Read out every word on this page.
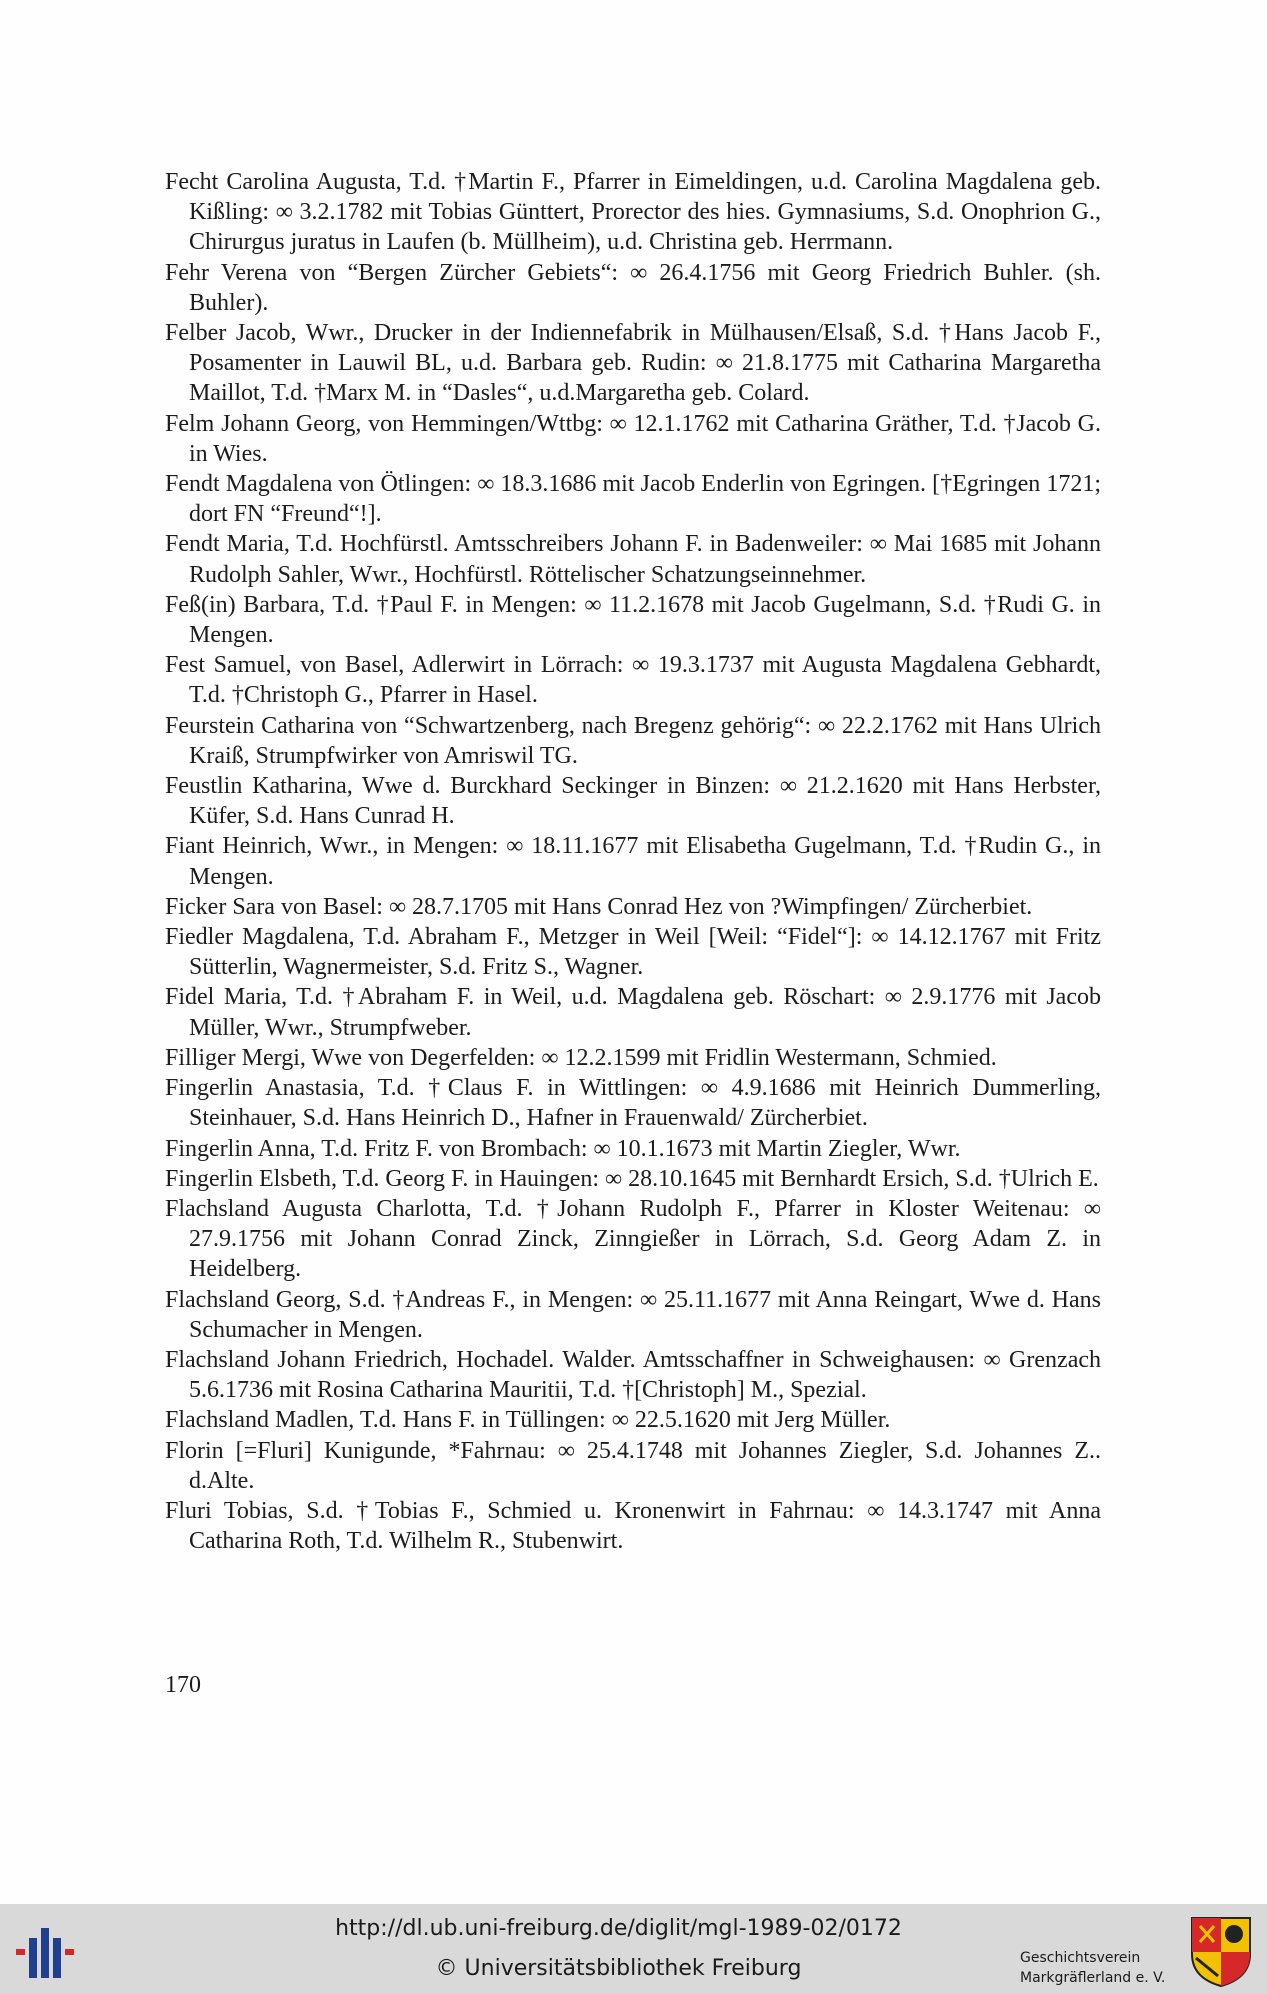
Fecht Carolina Augusta, T.d. †Martin F., Pfarrer in Eimeldingen, u.d. Carolina Magdalena geb. Kißling: ∞ 3.2.1782 mit Tobias Günttert, Prorector des hies. Gymnasiums, S.d. Onophrion G., Chirurgus juratus in Laufen (b. Müllheim), u.d. Christina geb. Herrmann.

Fehr Verena von “Bergen Zürcher Gebiets“: ∞ 26.4.1756 mit Georg Friedrich Buhler. (sh. Buhler).

Felber Jacob, Wwr., Drucker in der Indiennefabrik in Mülhausen/Elsaß, S.d. †Hans Jacob F., Posamenter in Lauwil BL, u.d. Barbara geb. Rudin: ∞ 21.8.1775 mit Catharina Margaretha Maillot, T.d. †Marx M. in “Dasles“, u.d.Margaretha geb. Colard.

Felm Johann Georg, von Hemmingen/Wttbg: ∞ 12.1.1762 mit Catharina Gräther, T.d. †Jacob G. in Wies.

Fendt Magdalena von Ötlingen: ∞ 18.3.1686 mit Jacob Enderlin von Egringen. [†Egringen 1721; dort FN “Freund“!].

Fendt Maria, T.d. Hochfürstl. Amtsschreibers Johann F. in Badenweiler: ∞ Mai 1685 mit Johann Rudolph Sahler, Wwr., Hochfürstl. Röttelischer Schatzungseinnehmer.

Feß(in) Barbara, T.d. †Paul F. in Mengen: ∞ 11.2.1678 mit Jacob Gugelmann, S.d. †Rudi G. in Mengen.

Fest Samuel, von Basel, Adlerwirt in Lörrach: ∞ 19.3.1737 mit Augusta Magdalena Gebhardt, T.d. †Christoph G., Pfarrer in Hasel.

Feurstein Catharina von “Schwartzenberg, nach Bregenz gehörig“: ∞ 22.2.1762 mit Hans Ulrich Kraiß, Strumpfwirker von Amriswil TG.

Feustlin Katharina, Wwe d. Burckhard Seckinger in Binzen: ∞ 21.2.1620 mit Hans Herbster, Küfer, S.d. Hans Cunrad H.

Fiant Heinrich, Wwr., in Mengen: ∞ 18.11.1677 mit Elisabetha Gugelmann, T.d. †Rudin G., in Mengen.

Ficker Sara von Basel: ∞ 28.7.1705 mit Hans Conrad Hez von ?Wimpfingen/ Zürcherbiet.

Fiedler Magdalena, T.d. Abraham F., Metzger in Weil [Weil: “Fidel“]: ∞ 14.12.1767 mit Fritz Sütterlin, Wagnermeister, S.d. Fritz S., Wagner.

Fidel Maria, T.d. †Abraham F. in Weil, u.d. Magdalena geb. Röschart: ∞ 2.9.1776 mit Jacob Müller, Wwr., Strumpfweber.

Filliger Mergi, Wwe von Degerfelden: ∞ 12.2.1599 mit Fridlin Westermann, Schmied.

Fingerlin Anastasia, T.d. †Claus F. in Wittlingen: ∞ 4.9.1686 mit Heinrich Dummerling, Steinhauer, S.d. Hans Heinrich D., Hafner in Frauenwald/ Zürcherbiet.

Fingerlin Anna, T.d. Fritz F. von Brombach: ∞ 10.1.1673 mit Martin Ziegler, Wwr.

Fingerlin Elsbeth, T.d. Georg F. in Hauingen: ∞ 28.10.1645 mit Bernhardt Ersich, S.d. †Ulrich E.

Flachsland Augusta Charlotta, T.d. †Johann Rudolph F., Pfarrer in Kloster Weitenau: ∞ 27.9.1756 mit Johann Conrad Zinck, Zinngießer in Lörrach, S.d. Georg Adam Z. in Heidelberg.

Flachsland Georg, S.d. †Andreas F., in Mengen: ∞ 25.11.1677 mit Anna Reingart, Wwe d. Hans Schumacher in Mengen.

Flachsland Johann Friedrich, Hochadel. Walder. Amtsschaffner in Schweighausen: ∞ Grenzach 5.6.1736 mit Rosina Catharina Mauritii, T.d. †[Christoph] M., Spezial.

Flachsland Madlen, T.d. Hans F. in Tüllingen: ∞ 22.5.1620 mit Jerg Müller.

Florin [=Fluri] Kunigunde, *Fahrnau: ∞ 25.4.1748 mit Johannes Ziegler, S.d. Johannes Z.. d.Alte.

Fluri Tobias, S.d. †Tobias F., Schmied u. Kronenwirt in Fahrnau: ∞ 14.3.1747 mit Anna Catharina Roth, T.d. Wilhelm R., Stubenwirt.

170
http://dl.ub.uni-freiburg.de/diglit/mgl-1989-02/0172
© Universitätsbibliothek Freiburg	Geschichtsverein
Markgräflerland e. V.
